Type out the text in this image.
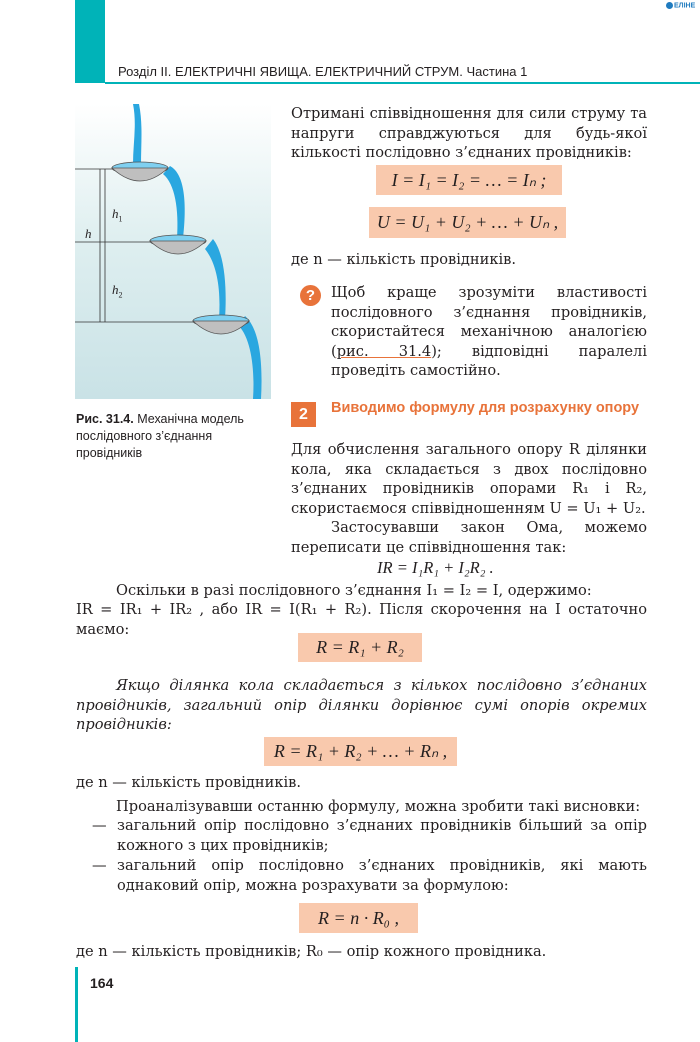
Розділ II. ЕЛЕКТРИЧНІ ЯВИЩА. ЕЛЕКТРИЧНИЙ СТРУМ. Частина 1
ЕЛІНЕ
h
$h_1$
$h_2$
Рис. 31.4. Механічна модель послідовного з’єднання провідників
Отримані співвідношення для сили струму та напруги справджуються для будь-якої кількості послідовно з’єднаних провідників:
I = I₁ = I₂ = … = Iₙ ;
U = U₁ + U₂ + … + Uₙ ,
де n — кількість провідників.
?	Щоб краще зрозуміти властивості послідовного з’єднання провідників, скористайтеся механічною аналогією (рис. 31.4); відповідні паралелі проведіть самостійно.
2	Виводимо формулу для розрахунку опору
Для обчислення загального опору R ділянки кола, яка складається з двох послідовно з’єднаних провідників опорами R₁ і R₂, скористаємося співвідношенням U = U₁ + U₂.
Застосувавши закон Ома, можемо переписати це співвідношення так:
IR = I₁R₁ + I₂R₂ .
Оскільки в разі послідовного з’єднання I₁ = I₂ = I, одержимо:
IR = IR₁ + IR₂ , або IR = I(R₁ + R₂). Після скорочення на I остаточно маємо:
R = R₁ + R₂
Якщо ділянка кола складається з кількох послідовно з’єднаних провідників, загальний опір ділянки дорівнює сумі опорів окремих провідників:
R = R₁ + R₂ + … + Rₙ ,
де n — кількість провідників.
Проаналізувавши останню формулу, можна зробити такі висновки:
— загальний опір послідовно з’єднаних провідників більший за опір кожного з цих провідників;
— загальний опір послідовно з’єднаних провідників, які мають однаковий опір, можна розрахувати за формулою:
R = n · R₀ ,
де n — кількість провідників; R₀ — опір кожного провідника.
164
